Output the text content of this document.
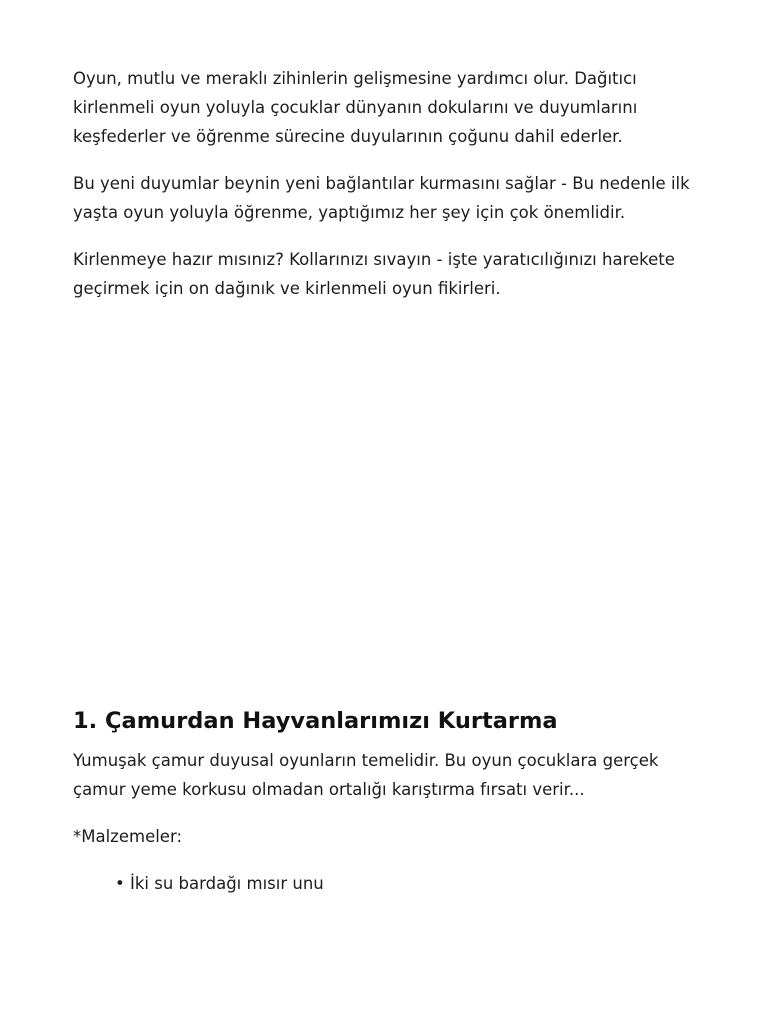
Oyun, mutlu ve meraklı zihinlerin gelişmesine yardımcı olur. Dağıtıcı kirlenmeli oyun yoluyla çocuklar dünyanın dokularını ve duyumlarını keşfederler ve öğrenme sürecine duyularının çoğunu dahil ederler.

Bu yeni duyumlar beynin yeni bağlantılar kurmasını sağlar - Bu nedenle ilk yaşta oyun yoluyla öğrenme, yaptığımız her şey için çok önemlidir.

Kirlenmeye hazır mısınız? Kollarınızı sıvayın - işte yaratıcılığınızı harekete geçirmek için on dağınık ve kirlenmeli oyun fikirleri.

1. Çamurdan Hayvanlarımızı Kurtarma

Yumuşak çamur duyusal oyunların temelidir. Bu oyun çocuklara gerçek çamur yeme korkusu olmadan ortalığı karıştırma fırsatı verir...

*Malzemeler:

• İki su bardağı mısır unu
